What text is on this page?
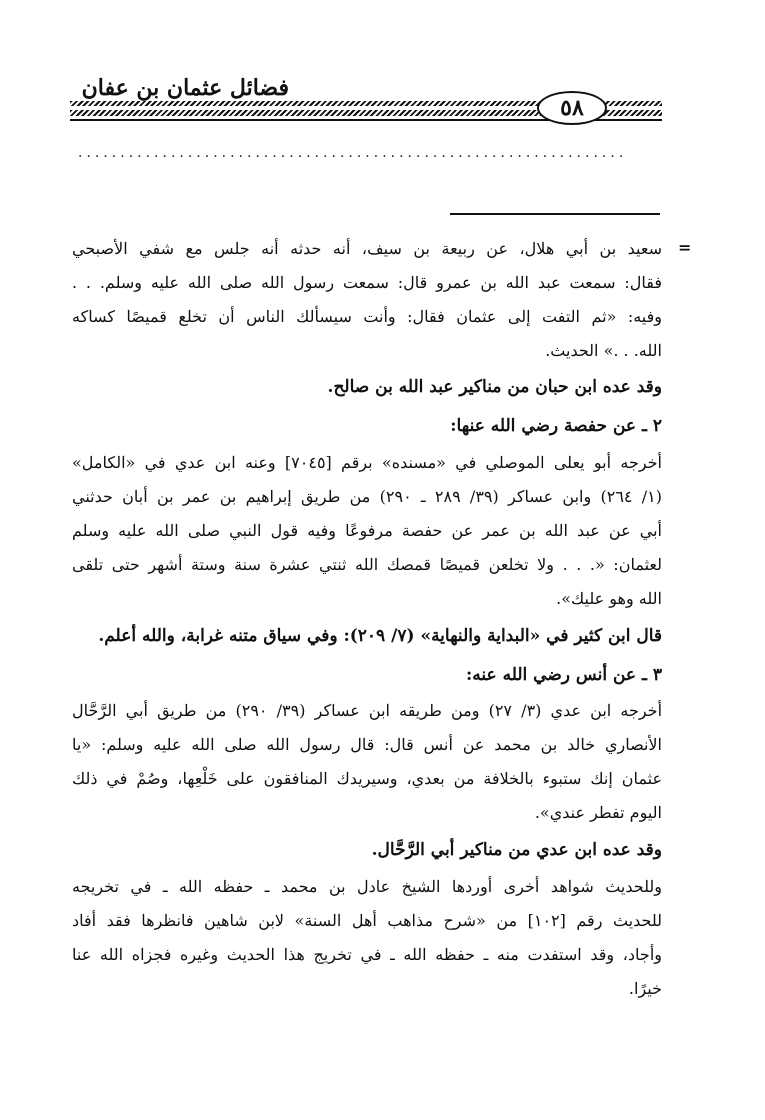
فضائل عثمان بن عفان
٥٨
·································································
=
سعيد بن أبي هلال، عن ربيعة بن سيف، أنه حدثه أنه جلس مع شفي الأصبحي
فقال: سمعت عبد الله بن عمرو قال: سمعت رسول الله صلى الله عليه وسلم. . .
وفيه: «ثم التفت إلى عثمان فقال: وأنت سيسألك الناس أن تخلع قميصًا كساكه
الله. . .» الحديث.
وقد عده ابن حبان من مناكير عبد الله بن صالح.
٢ ـ عن حفصة رضي الله عنها:
أخرجه أبو يعلى الموصلي في «مسنده» برقم [٧٠٤٥] وعنه ابن عدي في «الكامل»
(١/ ٢٦٤) وابن عساكر (٣٩/ ٢٨٩ ـ ٢٩٠) من طريق إبراهيم بن عمر بن أبان حدثني
أبي عن عبد الله بن عمر عن حفصة مرفوعًا وفيه قول النبي صلى الله عليه وسلم
لعثمان: «. . . ولا تخلعن قميصًا قمصك الله ثنتي عشرة سنة وستة أشهر حتى تلقى
الله وهو عليك».
قال ابن كثير في «البداية والنهاية» (٧/ ٢٠٩): وفي سياق متنه غرابة، والله أعلم.
٣ ـ عن أنس رضي الله عنه:
أخرجه ابن عدي (٣/ ٢٧) ومن طريقه ابن عساكر (٣٩/ ٢٩٠) من طريق أبي الرَّحَّال
الأنصاري خالد بن محمد عن أنس قال: قال رسول الله صلى الله عليه وسلم: «يا
عثمان إنك ستبوء بالخلافة من بعدي، وسيريدك المنافقون على خَلْعِها، وصُمْ في ذلك
اليوم تفطر عندي».
وقد عده ابن عدي من مناكير أبي الرَّحَّال.
وللحديث شواهد أخرى أوردها الشيخ عادل بن محمد ـ حفظه الله ـ في تخريجه
للحديث رقم [١٠٢] من «شرح مذاهب أهل السنة» لابن شاهين فانظرها فقد أفاد
وأجاد، وقد استفدت منه ـ حفظه الله ـ في تخريج هذا الحديث وغيره فجزاه الله عنا
خيرًا.
